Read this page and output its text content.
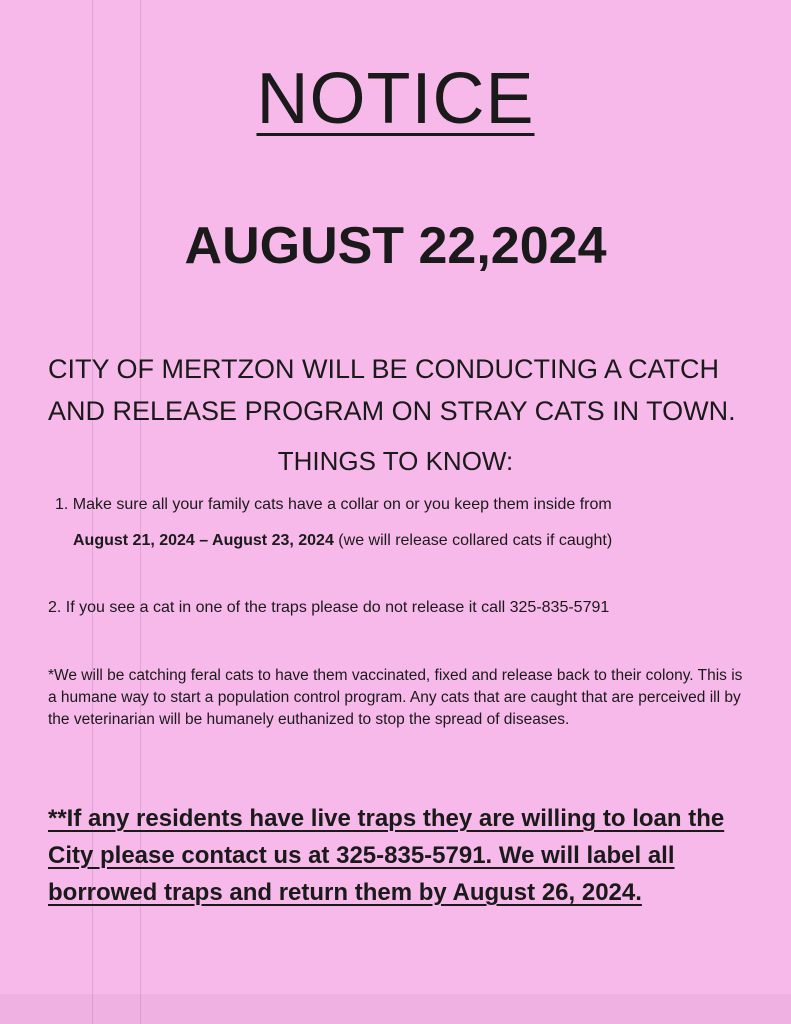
NOTICE
AUGUST 22,2024

CITY OF MERTZON WILL BE CONDUCTING A CATCH AND RELEASE PROGRAM ON STRAY CATS IN TOWN.

THINGS TO KNOW:

1. Make sure all your family cats have a collar on or you keep them inside from

August 21, 2024 – August 23, 2024 (we will release collared cats if caught)

2. If you see a cat in one of the traps please do not release it call 325-835-5791

*We will be catching feral cats to have them vaccinated, fixed and release back to their colony. This is a humane way to start a population control program. Any cats that are caught that are perceived ill by the veterinarian will be humanely euthanized to stop the spread of diseases.

**If any residents have live traps they are willing to loan the City please contact us at 325-835-5791. We will label all borrowed traps and return them by August 26, 2024.
